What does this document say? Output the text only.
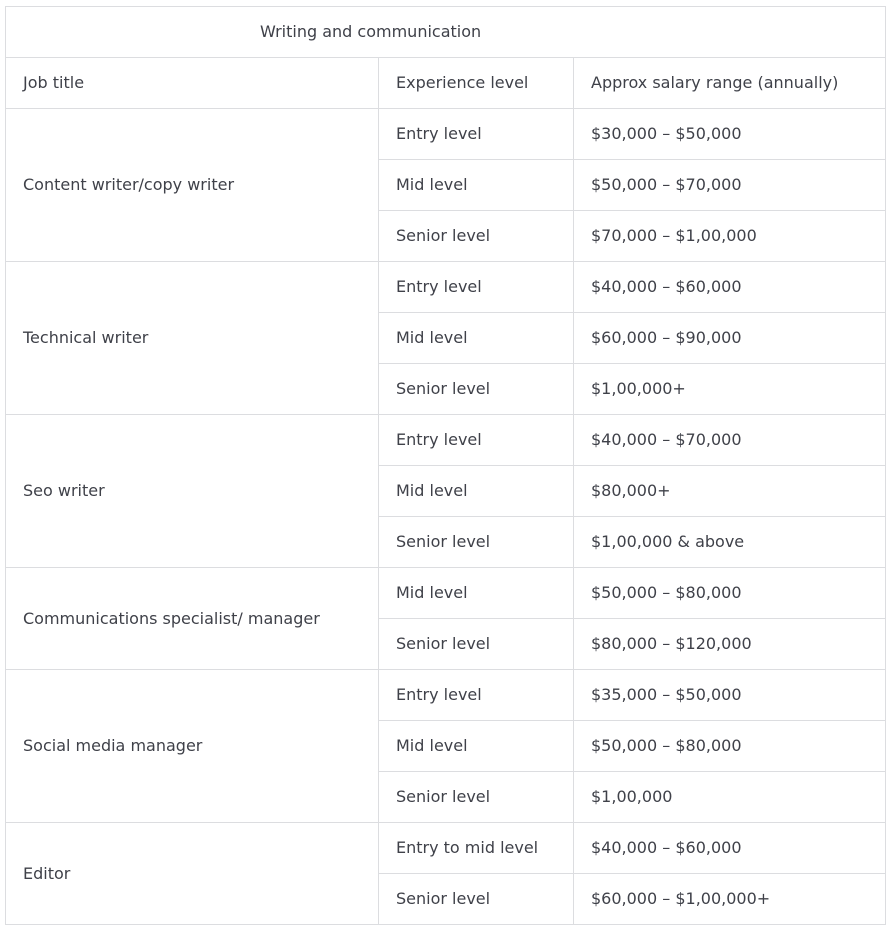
Writing and communication		
Job title	Experience level	Approx salary range (annually)
Content writer/copy writer	Entry level	$30,000 – $50,000
	Mid level	$50,000 – $70,000
	Senior level	$70,000 – $1,00,000
Technical writer	Entry level	$40,000 – $60,000
	Mid level	$60,000 – $90,000
	Senior level	$1,00,000+
Seo writer	Entry level	$40,000 – $70,000
	Mid level	$80,000+
	Senior level	$1,00,000 & above
Communications specialist/ manager	Mid level	$50,000 – $80,000
	Senior level	$80,000 – $120,000
Social media manager	Entry level	$35,000 – $50,000
	Mid level	$50,000 – $80,000
	Senior level	$1,00,000
Editor	Entry to mid level	$40,000 – $60,000
	Senior level	$60,000 – $1,00,000+
